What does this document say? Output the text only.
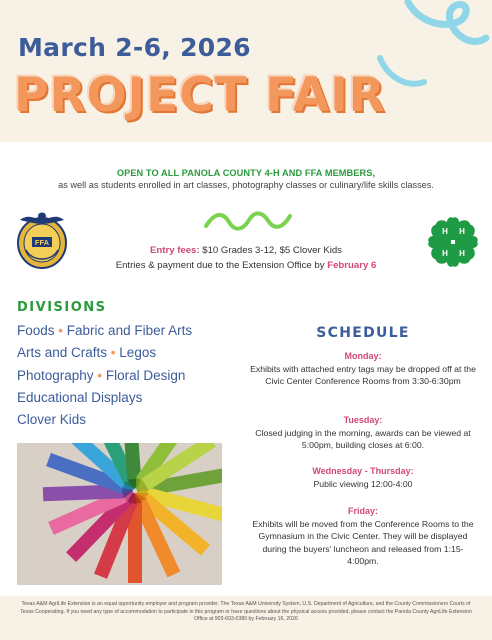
March 2-6, 2026
PROJECT FAIR
OPEN TO ALL PANOLA COUNTY 4-H AND FFA MEMBERS,
as well as students enrolled in art classes, photography classes or culinary/life skills classes.
FFA
H H
H H
Entry fees: $10 Grades 3-12, $5 Clover Kids
Entries & payment due to the Extension Office by February 6
DIVISIONS
Foods • Fabric and Fiber Arts
Arts and Crafts • Legos
Photography • Floral Design
Educational Displays
Clover Kids
SCHEDULE
Monday:
Exhibits with attached entry tags may be dropped off at the Civic Center Conference Rooms from 3:30-6:30pm
Tuesday:
Closed judging in the morning, awards can be viewed at 5:00pm, building closes at 6:00.
Wednesday - Thursday:
Public viewing 12:00-4:00
Friday:
Exhibits will be moved from the Conference Rooms to the Gymnasium in the Civic Center. They will be displayed during the buyers' luncheon and released from 1:15-4:00pm.

Texas A&M AgriLife Extension is an equal opportunity employer and program provider. The Texas A&M University System, U.S. Department of Agriculture, and the County Commissioners Courts of Texas Cooperating. If you need any type of accommodation to participate in this program or have questions about the physical access provided, please contact the Panola County AgriLife Extension Office at 903-693-0380 by February 16, 2026
